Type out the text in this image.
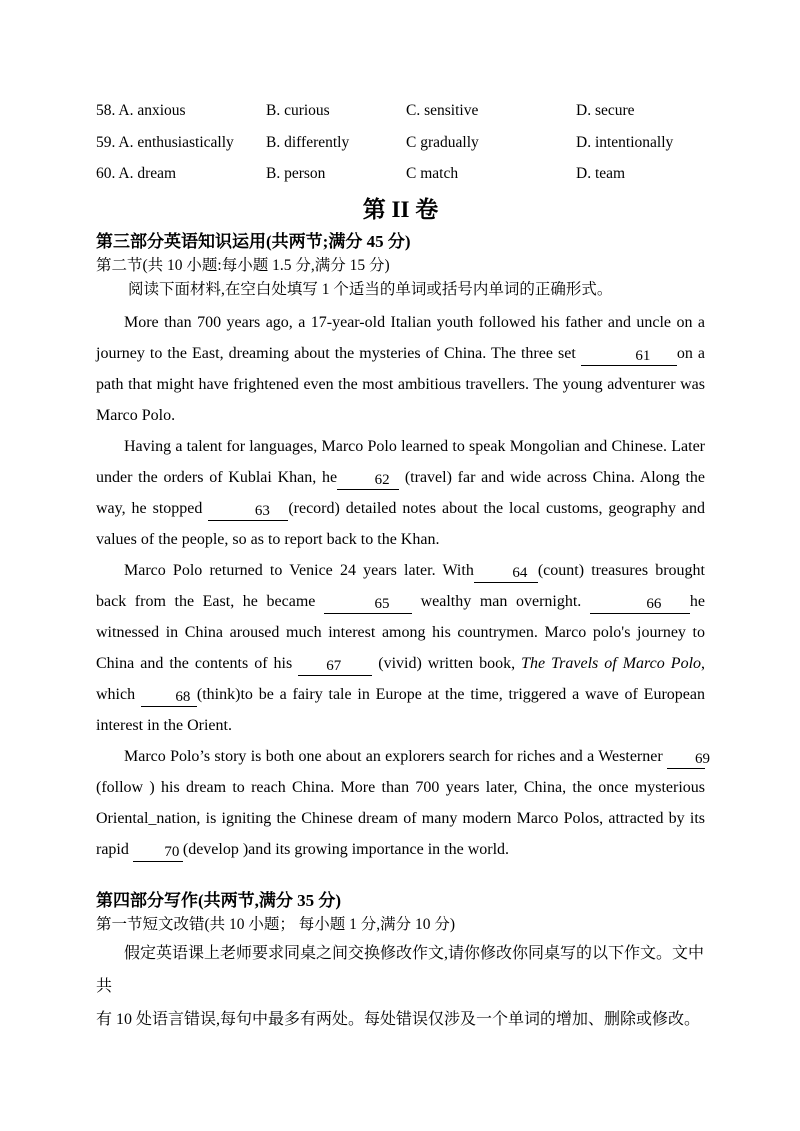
58. A. anxious	B. curious	C. sensitive	D. secure
59. A. enthusiastically	B. differently	C gradually	D. intentionally
60. A. dream	B. person	C match	D. team
第 II 卷
第三部分英语知识运用(共两节;满分 45 分)
第二节(共 10 小题:每小题 1.5 分,满分 15 分)
阅读下面材料,在空白处填写 1 个适当的单词或括号内单词的正确形式。

More than 700 years ago, a 17-year-old Italian youth followed his father and uncle on a journey to the East, dreaming about the mysteries of China. The three set	61 on a path that might have frightened even the most ambitious travellers. The young adventurer was Marco Polo.

Having a talent for languages, Marco Polo learned to speak Mongolian and Chinese. Later under the orders of Kublai Khan, he	62 (travel) far and wide across China. Along the way, he stopped	63 (record) detailed notes about the local customs, geography and values of the people, so as to report back to the Khan.

Marco Polo returned to Venice 24 years later. With	64 (count) treasures brought back from the East, he became	65 wealthy man overnight.	66 he witnessed in China aroused much interest among his countrymen. Marco polo's journey to China and the contents of his 67 (vivid) written book, The Travels of Marco Polo, which 68 (think)to be a fairy tale in Europe at the time, triggered a wave of European interest in the Orient.

Marco Polo’s story is both one about an explorers search for riches and a Westerner 69 (follow ) his dream to reach China. More than 700 years later, China, the once mysterious Oriental_nation, is igniting the Chinese dream of many modern Marco Polos, attracted by its rapid 70 (develop )and its growing importance in the world.

第四部分写作(共两节,满分 35 分)
第一节短文改错(共 10 小题； 每小题 1 分,满分 10 分)
假定英语课上老师要求同桌之间交换修改作文,请你修改你同桌写的以下作文。文中
共
有 10 处语言错误,每句中最多有两处。每处错误仅涉及一个单词的增加、删除或修改。
